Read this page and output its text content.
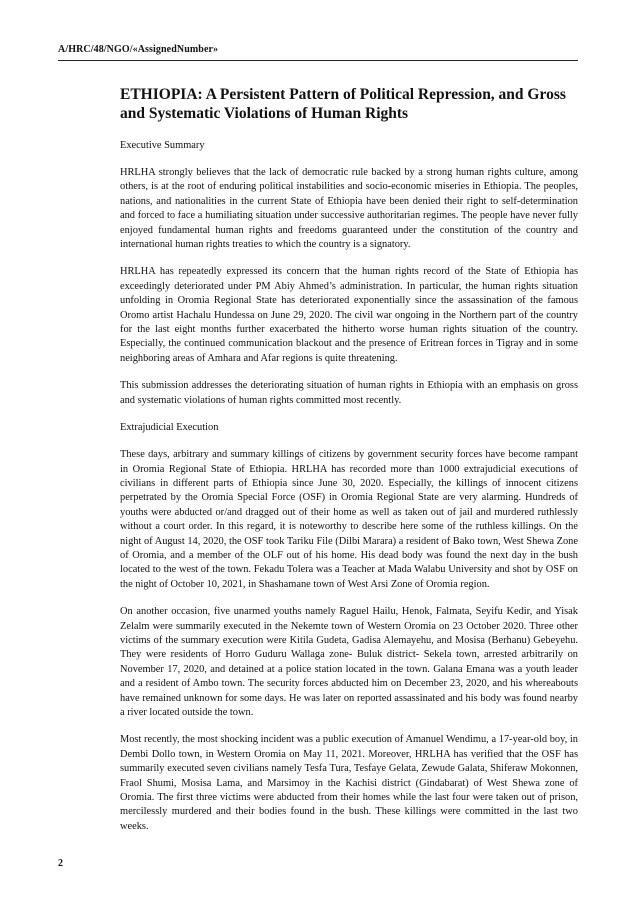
A/HRC/48/NGO/«AssignedNumber»
ETHIOPIA: A Persistent Pattern of Political Repression, and Gross and Systematic Violations of Human Rights
Executive Summary

HRLHA strongly believes that the lack of democratic rule backed by a strong human rights culture, among others, is at the root of enduring political instabilities and socio-economic miseries in Ethiopia. The peoples, nations, and nationalities in the current State of Ethiopia have been denied their right to self-determination and forced to face a humiliating situation under successive authoritarian regimes. The people have never fully enjoyed fundamental human rights and freedoms guaranteed under the constitution of the country and international human rights treaties to which the country is a signatory.

HRLHA has repeatedly expressed its concern that the human rights record of the State of Ethiopia has exceedingly deteriorated under PM Abiy Ahmed’s administration. In particular, the human rights situation unfolding in Oromia Regional State has deteriorated exponentially since the assassination of the famous Oromo artist Hachalu Hundessa on June 29, 2020. The civil war ongoing in the Northern part of the country for the last eight months further exacerbated the hitherto worse human rights situation of the country. Especially, the continued communication blackout and the presence of Eritrean forces in Tigray and in some neighboring areas of Amhara and Afar regions is quite threatening.

This submission addresses the deteriorating situation of human rights in Ethiopia with an emphasis on gross and systematic violations of human rights committed most recently.

Extrajudicial Execution

These days, arbitrary and summary killings of citizens by government security forces have become rampant in Oromia Regional State of Ethiopia. HRLHA has recorded more than 1000 extrajudicial executions of civilians in different parts of Ethiopia since June 30, 2020. Especially, the killings of innocent citizens perpetrated by the Oromia Special Force (OSF) in Oromia Regional State are very alarming. Hundreds of youths were abducted or/and dragged out of their home as well as taken out of jail and murdered ruthlessly without a court order. In this regard, it is noteworthy to describe here some of the ruthless killings. On the night of August 14, 2020, the OSF took Tariku File (Dilbi Marara) a resident of Bako town, West Shewa Zone of Oromia, and a member of the OLF out of his home. His dead body was found the next day in the bush located to the west of the town. Fekadu Tolera was a Teacher at Mada Walabu University and shot by OSF on the night of October 10, 2021, in Shashamane town of West Arsi Zone of Oromia region.

On another occasion, five unarmed youths namely Raguel Hailu, Henok, Falmata, Seyifu Kedir, and Yisak Zelalm were summarily executed in the Nekemte town of Western Oromia on 23 October 2020. Three other victims of the summary execution were Kitila Gudeta, Gadisa Alemayehu, and Mosisa (Berhanu) Gebeyehu. They were residents of Horro Guduru Wallaga zone- Buluk district- Sekela town, arrested arbitrarily on November 17, 2020, and detained at a police station located in the town. Galana Emana was a youth leader and a resident of Ambo town. The security forces abducted him on December 23, 2020, and his whereabouts have remained unknown for some days. He was later on reported assassinated and his body was found nearby a river located outside the town.

Most recently, the most shocking incident was a public execution of Amanuel Wendimu, a 17-year-old boy, in Dembi Dollo town, in Western Oromia on May 11, 2021. Moreover, HRLHA has verified that the OSF has summarily executed seven civilians namely Tesfa Tura, Tesfaye Gelata, Zewude Galata, Shiferaw Mokonnen, Fraol Shumi, Mosisa Lama, and Marsimoy in the Kachisi district (Gindabarat) of West Shewa zone of Oromia. The first three victims were abducted from their homes while the last four were taken out of prison, mercilessly murdered and their bodies found in the bush. These killings were committed in the last two weeks.

2
